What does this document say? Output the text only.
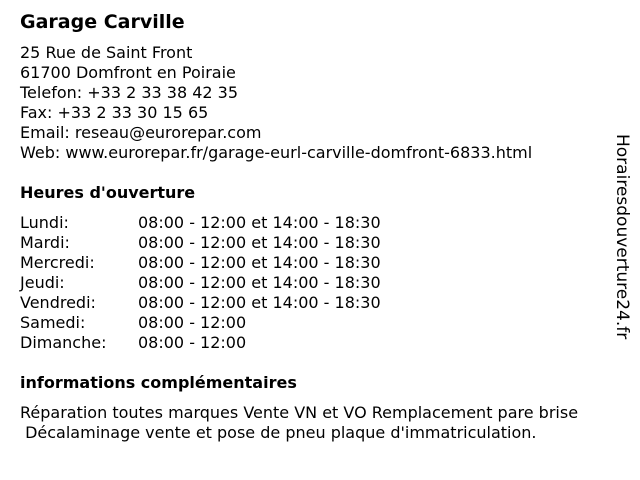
Garage Carville
25 Rue de Saint Front
61700 Domfront en Poiraie
Telefon: +33 2 33 38 42 35
Fax: +33 2 33 30 15 65
Email: reseau@eurorepar.com
Web: www.eurorepar.fr/garage-eurl-carville-domfront-6833.html
Heures d'ouverture
Lundi:	08:00 - 12:00 et 14:00 - 18:30
Mardi:	08:00 - 12:00 et 14:00 - 18:30
Mercredi:	08:00 - 12:00 et 14:00 - 18:30
Jeudi:	08:00 - 12:00 et 14:00 - 18:30
Vendredi:	08:00 - 12:00 et 14:00 - 18:30
Samedi:	08:00 - 12:00
Dimanche:	08:00 - 12:00
informations complémentaires
Réparation toutes marques Vente VN et VO Remplacement pare brise
Décalaminage vente et pose de pneu plaque d'immatriculation.
Horairesdouverture24.fr
